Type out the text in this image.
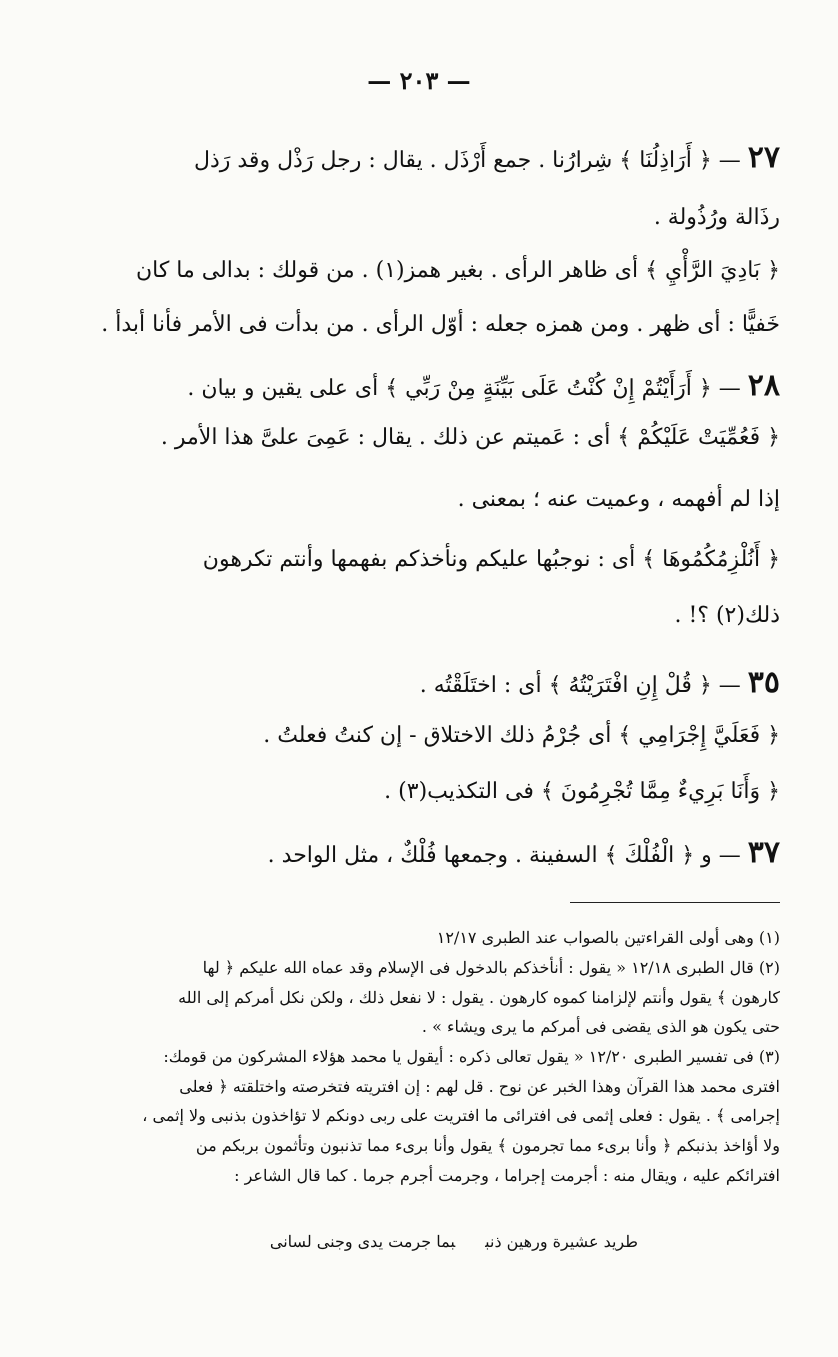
— ٢٠٣ —
٢٧ — ﴿ أَرَاذِلُنَا ﴾ شِرارُنا . جمع أَرْذَل . يقال : رجل رَذْل وقد رَذل
رذَالة ورُذُولة .
﴿ بَادِيَ الرَّأْيِ ﴾ أى ظاهر الرأى . بغير همز(١) . من قولك : بدالى ما كان
خَفيًّا : أى ظهر . ومن همزه جعله : أوّل الرأى . من بدأت فى الأمر فأنا أبدأ .
٢٨ — ﴿ أَرَأَيْتُمْ إِنْ كُنْتُ عَلَى بَيِّنَةٍ مِنْ رَبِّي ﴾ أى على يقين و بيان .
﴿ فَعُمِّيَتْ عَلَيْكُمْ ﴾ أى : عَميتم عن ذلك . يقال : عَمِىَ علىَّ هذا الأمر .
إذا لم أفهمه ، وعميت عنه ؛ بمعنى .
﴿ أَنُلْزِمُكُمُوهَا ﴾ أى : نوجبُها عليكم ونأخذكم بفهمها وأنتم تكرهون
ذلك(٢) ؟! .
٣٥ — ﴿ قُلْ إِنِ افْتَرَيْتُهُ ﴾ أى : اختَلَقْتُه .
﴿ فَعَلَيَّ إِجْرَامِي ﴾ أى جُرْمُ ذلك الاختلاق - إن كنتُ فعلتُ .
﴿ وَأَنَا بَرِيءٌ مِمَّا تُجْرِمُونَ ﴾ فى التكذيب(٣) .
٣٧ — و ﴿ الْفُلْكَ ﴾ السفينة . وجمعها فُلْكٌ ، مثل الواحد .
(١) وهى أولى القراءتين بالصواب عند الطبرى ١٢/١٧
(٢) قال الطبرى ١٢/١٨ « يقول : أنأخذكم بالدخول فى الإسلام وقد عماه الله عليكم ﴿ لها
كارهون ﴾ يقول وأنتم لإلزامنا كموه كارهون . يقول : لا نفعل ذلك ، ولكن نكل أمركم إلى الله
حتى يكون هو الذى يقضى فى أمركم ما يرى ويشاء » .
(٣) فى تفسير الطبرى ١٢/٢٠ « يقول تعالى ذكره : أيقول يا محمد هؤلاء المشركون من قومك:
افترى محمد هذا القرآن وهذا الخبر عن نوح . قل لهم : إن افتريته فتخرصته واختلقته ﴿ فعلى
إجرامى ﴾ . يقول : فعلى إثمى فى افترائى ما افتريت على ربى دونكم لا تؤاخذون بذنبى ولا إثمى ،
ولا أؤاخذ بذنبكم ﴿ وأنا برىء مما تجرمون ﴾ يقول وأنا برىء مما تذنبون وتأثمون بربكم من
افترائكم عليه ، ويقال منه : أجرمت إجراما ، وجرمت أجرم جرما . كما قال الشاعر :
طريد عشيرة ورهين ذنببما جرمت يدى وجنى لسانى
